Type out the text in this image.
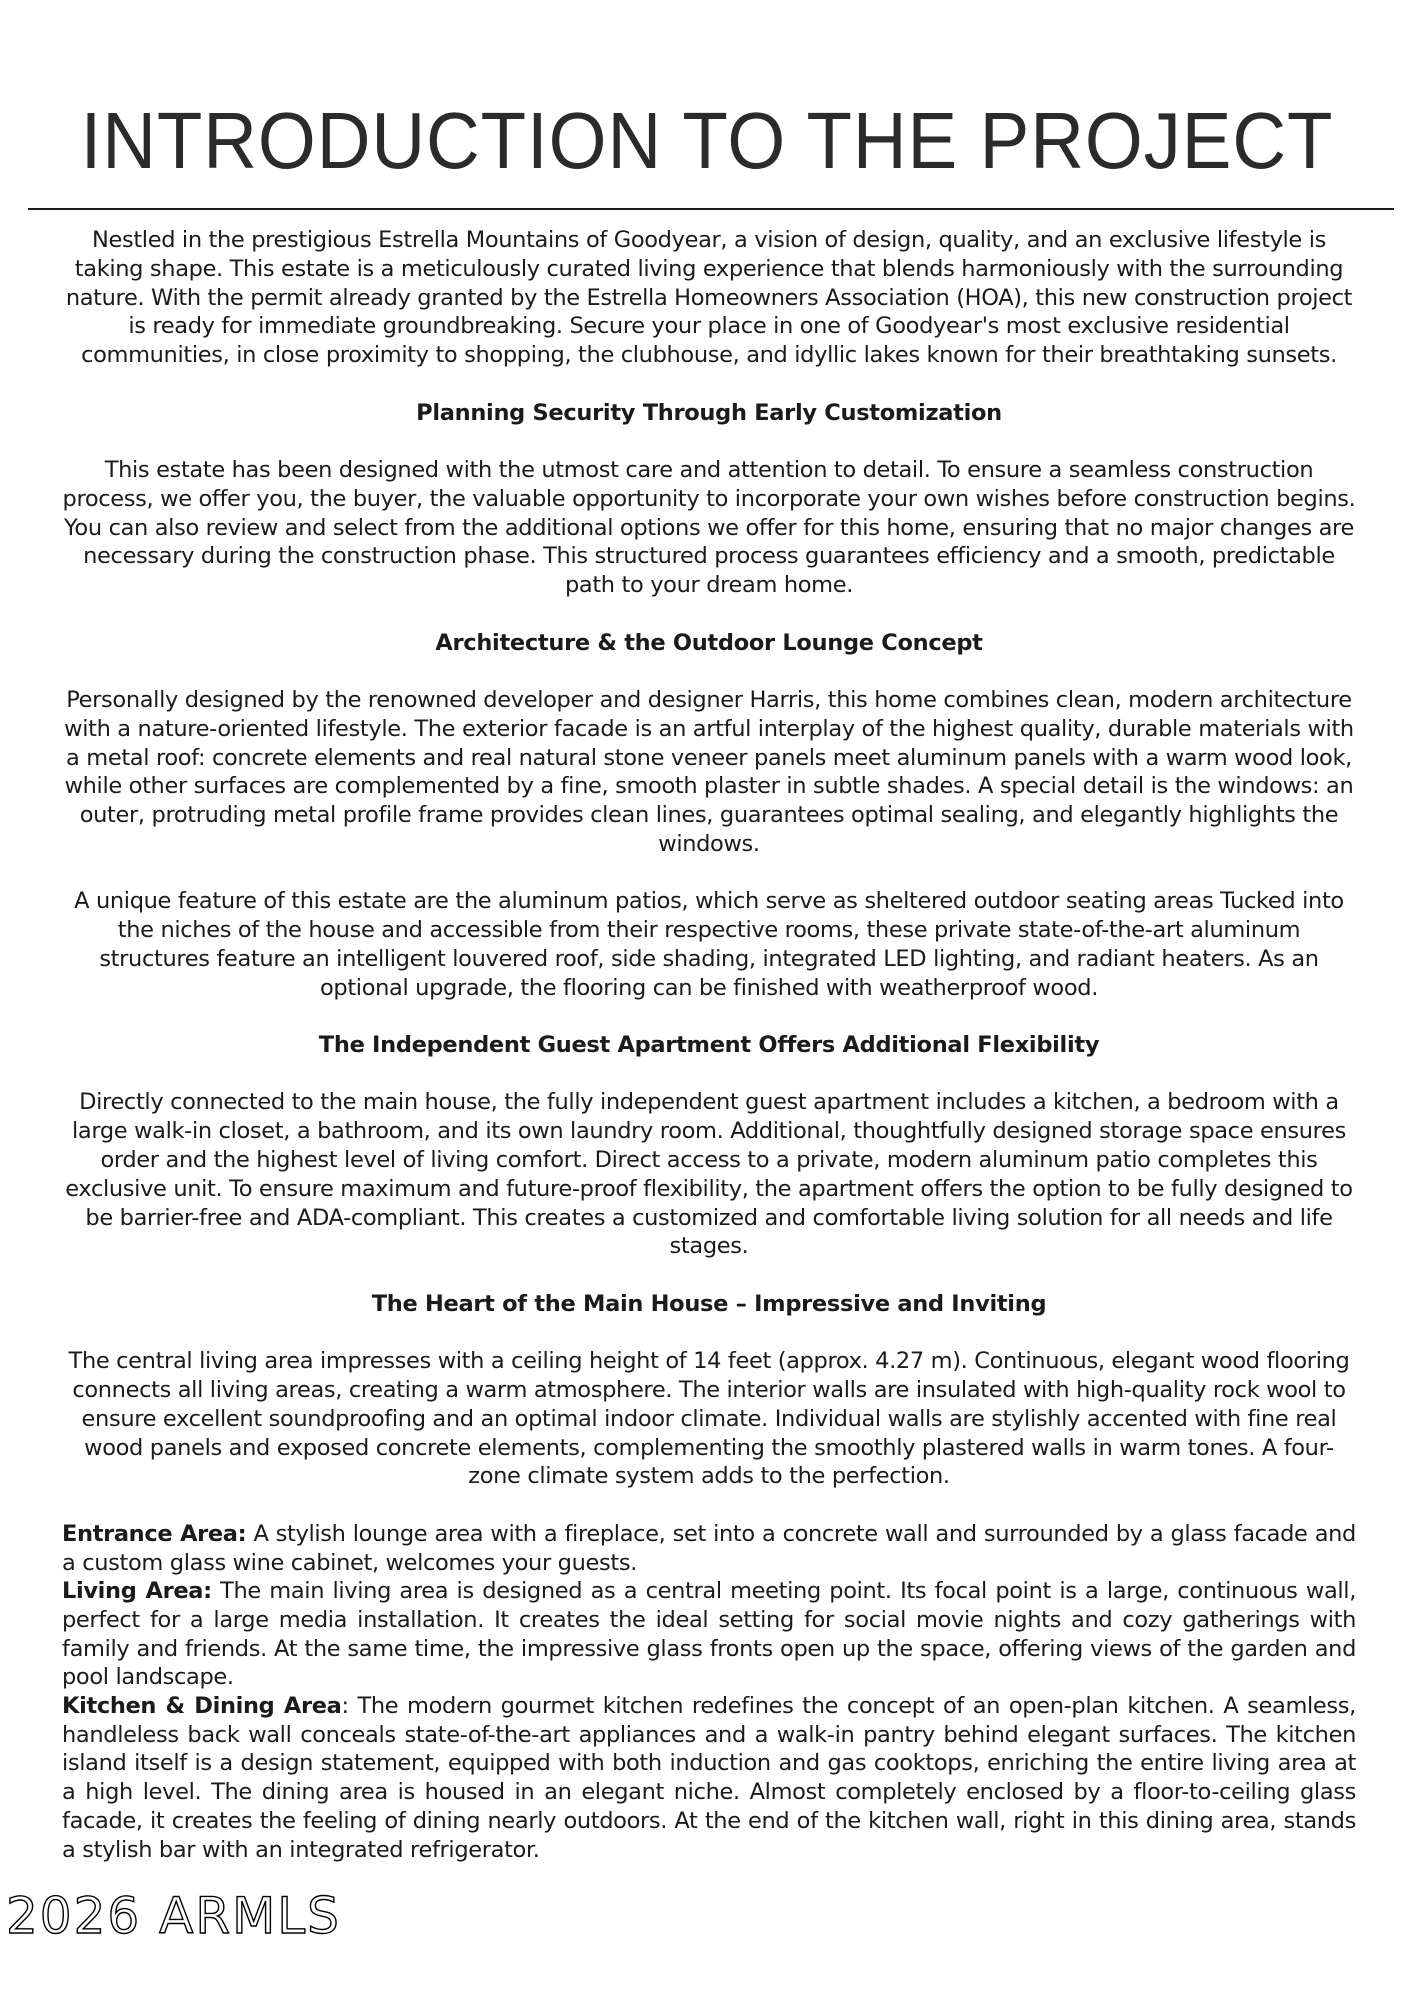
INTRODUCTION TO THE PROJECT

Nestled in the prestigious Estrella Mountains of Goodyear, a vision of design, quality, and an exclusive lifestyle is taking shape. This estate is a meticulously curated living experience that blends harmoniously with the surrounding nature. With the permit already granted by the Estrella Homeowners Association (HOA), this new construction project is ready for immediate groundbreaking. Secure your place in one of Goodyear's most exclusive residential communities, in close proximity to shopping, the clubhouse, and idyllic lakes known for their breathtaking sunsets.

Planning Security Through Early Customization

This estate has been designed with the utmost care and attention to detail. To ensure a seamless construction process, we offer you, the buyer, the valuable opportunity to incorporate your own wishes before construction begins. You can also review and select from the additional options we offer for this home, ensuring that no major changes are necessary during the construction phase. This structured process guarantees efficiency and a smooth, predictable path to your dream home.

Architecture & the Outdoor Lounge Concept

Personally designed by the renowned developer and designer Harris, this home combines clean, modern architecture with a nature-oriented lifestyle. The exterior facade is an artful interplay of the highest quality, durable materials with a metal roof: concrete elements and real natural stone veneer panels meet aluminum panels with a warm wood look, while other surfaces are complemented by a fine, smooth plaster in subtle shades. A special detail is the windows: an outer, protruding metal profile frame provides clean lines, guarantees optimal sealing, and elegantly highlights the windows.

A unique feature of this estate are the aluminum patios, which serve as sheltered outdoor seating areas Tucked into the niches of the house and accessible from their respective rooms, these private state-of-the-art aluminum structures feature an intelligent louvered roof, side shading, integrated LED lighting, and radiant heaters. As an optional upgrade, the flooring can be finished with weatherproof wood.

The Independent Guest Apartment Offers Additional Flexibility

Directly connected to the main house, the fully independent guest apartment includes a kitchen, a bedroom with a large walk-in closet, a bathroom, and its own laundry room. Additional, thoughtfully designed storage space ensures order and the highest level of living comfort. Direct access to a private, modern aluminum patio completes this exclusive unit. To ensure maximum and future-proof flexibility, the apartment offers the option to be fully designed to be barrier-free and ADA-compliant. This creates a customized and comfortable living solution for all needs and life stages.

The Heart of the Main House – Impressive and Inviting

The central living area impresses with a ceiling height of 14 feet (approx. 4.27 m). Continuous, elegant wood flooring connects all living areas, creating a warm atmosphere. The interior walls are insulated with high-quality rock wool to ensure excellent soundproofing and an optimal indoor climate. Individual walls are stylishly accented with fine real wood panels and exposed concrete elements, complementing the smoothly plastered walls in warm tones. A four-zone climate system adds to the perfection.

Entrance Area: A stylish lounge area with a fireplace, set into a concrete wall and surrounded by a glass facade and a custom glass wine cabinet, welcomes your guests.

Living Area: The main living area is designed as a central meeting point. Its focal point is a large, continuous wall, perfect for a large media installation. It creates the ideal setting for social movie nights and cozy gatherings with family and friends. At the same time, the impressive glass fronts open up the space, offering views of the garden and pool landscape.

Kitchen & Dining Area: The modern gourmet kitchen redefines the concept of an open-plan kitchen. A seamless, handleless back wall conceals state-of-the-art appliances and a walk-in pantry behind elegant surfaces. The kitchen island itself is a design statement, equipped with both induction and gas cooktops, enriching the entire living area at a high level. The dining area is housed in an elegant niche. Almost completely enclosed by a floor-to-ceiling glass facade, it creates the feeling of dining nearly outdoors. At the end of the kitchen wall, right in this dining area, stands a stylish bar with an integrated refrigerator.

2026 ARMLS
